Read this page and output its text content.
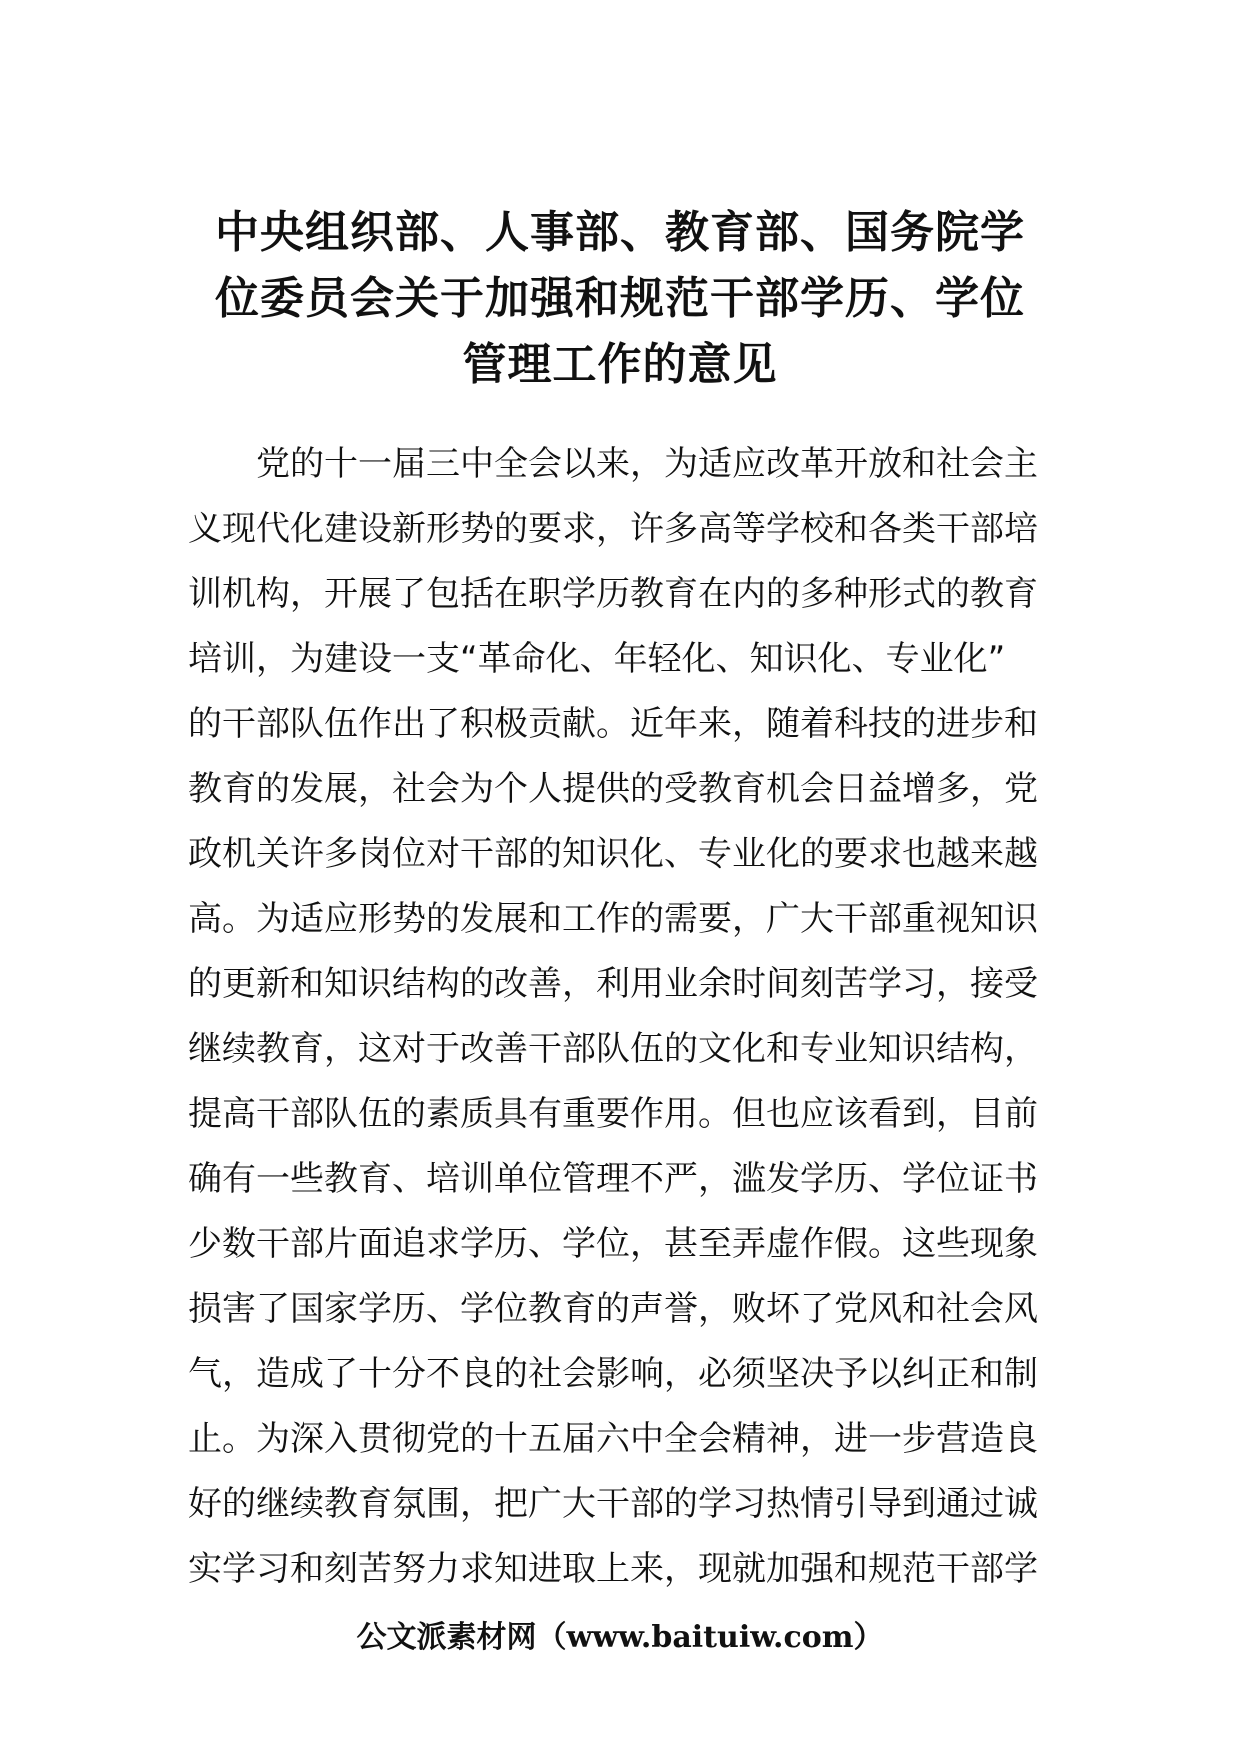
中央组织部、人事部、教育部、国务院学
位委员会关于加强和规范干部学历、学位
管理工作的意见
党的十一届三中全会以来，为适应改革开放和社会主
义现代化建设新形势的要求，许多高等学校和各类干部培
训机构，开展了包括在职学历教育在内的多种形式的教育
培训，为建设一支“革命化、年轻化、知识化、专业化”
的干部队伍作出了积极贡献。近年来，随着科技的进步和
教育的发展，社会为个人提供的受教育机会日益增多，党
政机关许多岗位对干部的知识化、专业化的要求也越来越
高。为适应形势的发展和工作的需要，广大干部重视知识
的更新和知识结构的改善，利用业余时间刻苦学习，接受
继续教育，这对于改善干部队伍的文化和专业知识结构，
提高干部队伍的素质具有重要作用。但也应该看到，目前
确有一些教育、培训单位管理不严，滥发学历、学位证书
少数干部片面追求学历、学位，甚至弄虚作假。这些现象
损害了国家学历、学位教育的声誉，败坏了党风和社会风
气，造成了十分不良的社会影响，必须坚决予以纠正和制
止。为深入贯彻党的十五届六中全会精神，进一步营造良
好的继续教育氛围，把广大干部的学习热情引导到通过诚
实学习和刻苦努力求知进取上来，现就加强和规范干部学
公文派素材网（www.baituiw.com）
